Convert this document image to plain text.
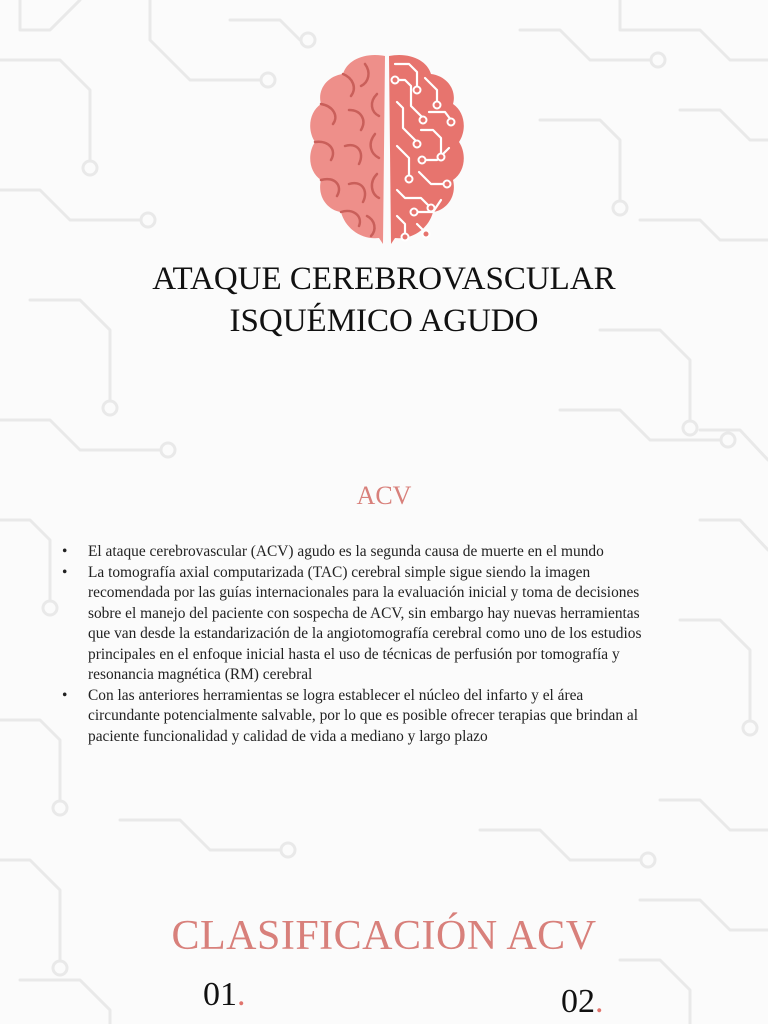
ATAQUE CEREBROVASCULAR
ISQUÉMICO AGUDO
ACV
• El ataque cerebrovascular (ACV) agudo es la segunda causa de muerte en el mundo
• La tomografía axial computarizada (TAC) cerebral simple sigue siendo la imagen recomendada por las guías internacionales para la evaluación inicial y toma de decisiones sobre el manejo del paciente con sospecha de ACV, sin embargo hay nuevas herramientas que van desde la estandarización de la angiotomografía cerebral como uno de los estudios principales en el enfoque inicial hasta el uso de técnicas de perfusión por tomografía y resonancia magnética (RM) cerebral
• Con las anteriores herramientas se logra establecer el núcleo del infarto y el área circundante potencialmente salvable, por lo que es posible ofrecer terapias que brindan al paciente funcionalidad y calidad de vida a mediano y largo plazo
CLASIFICACIÓN ACV
01.	02.
